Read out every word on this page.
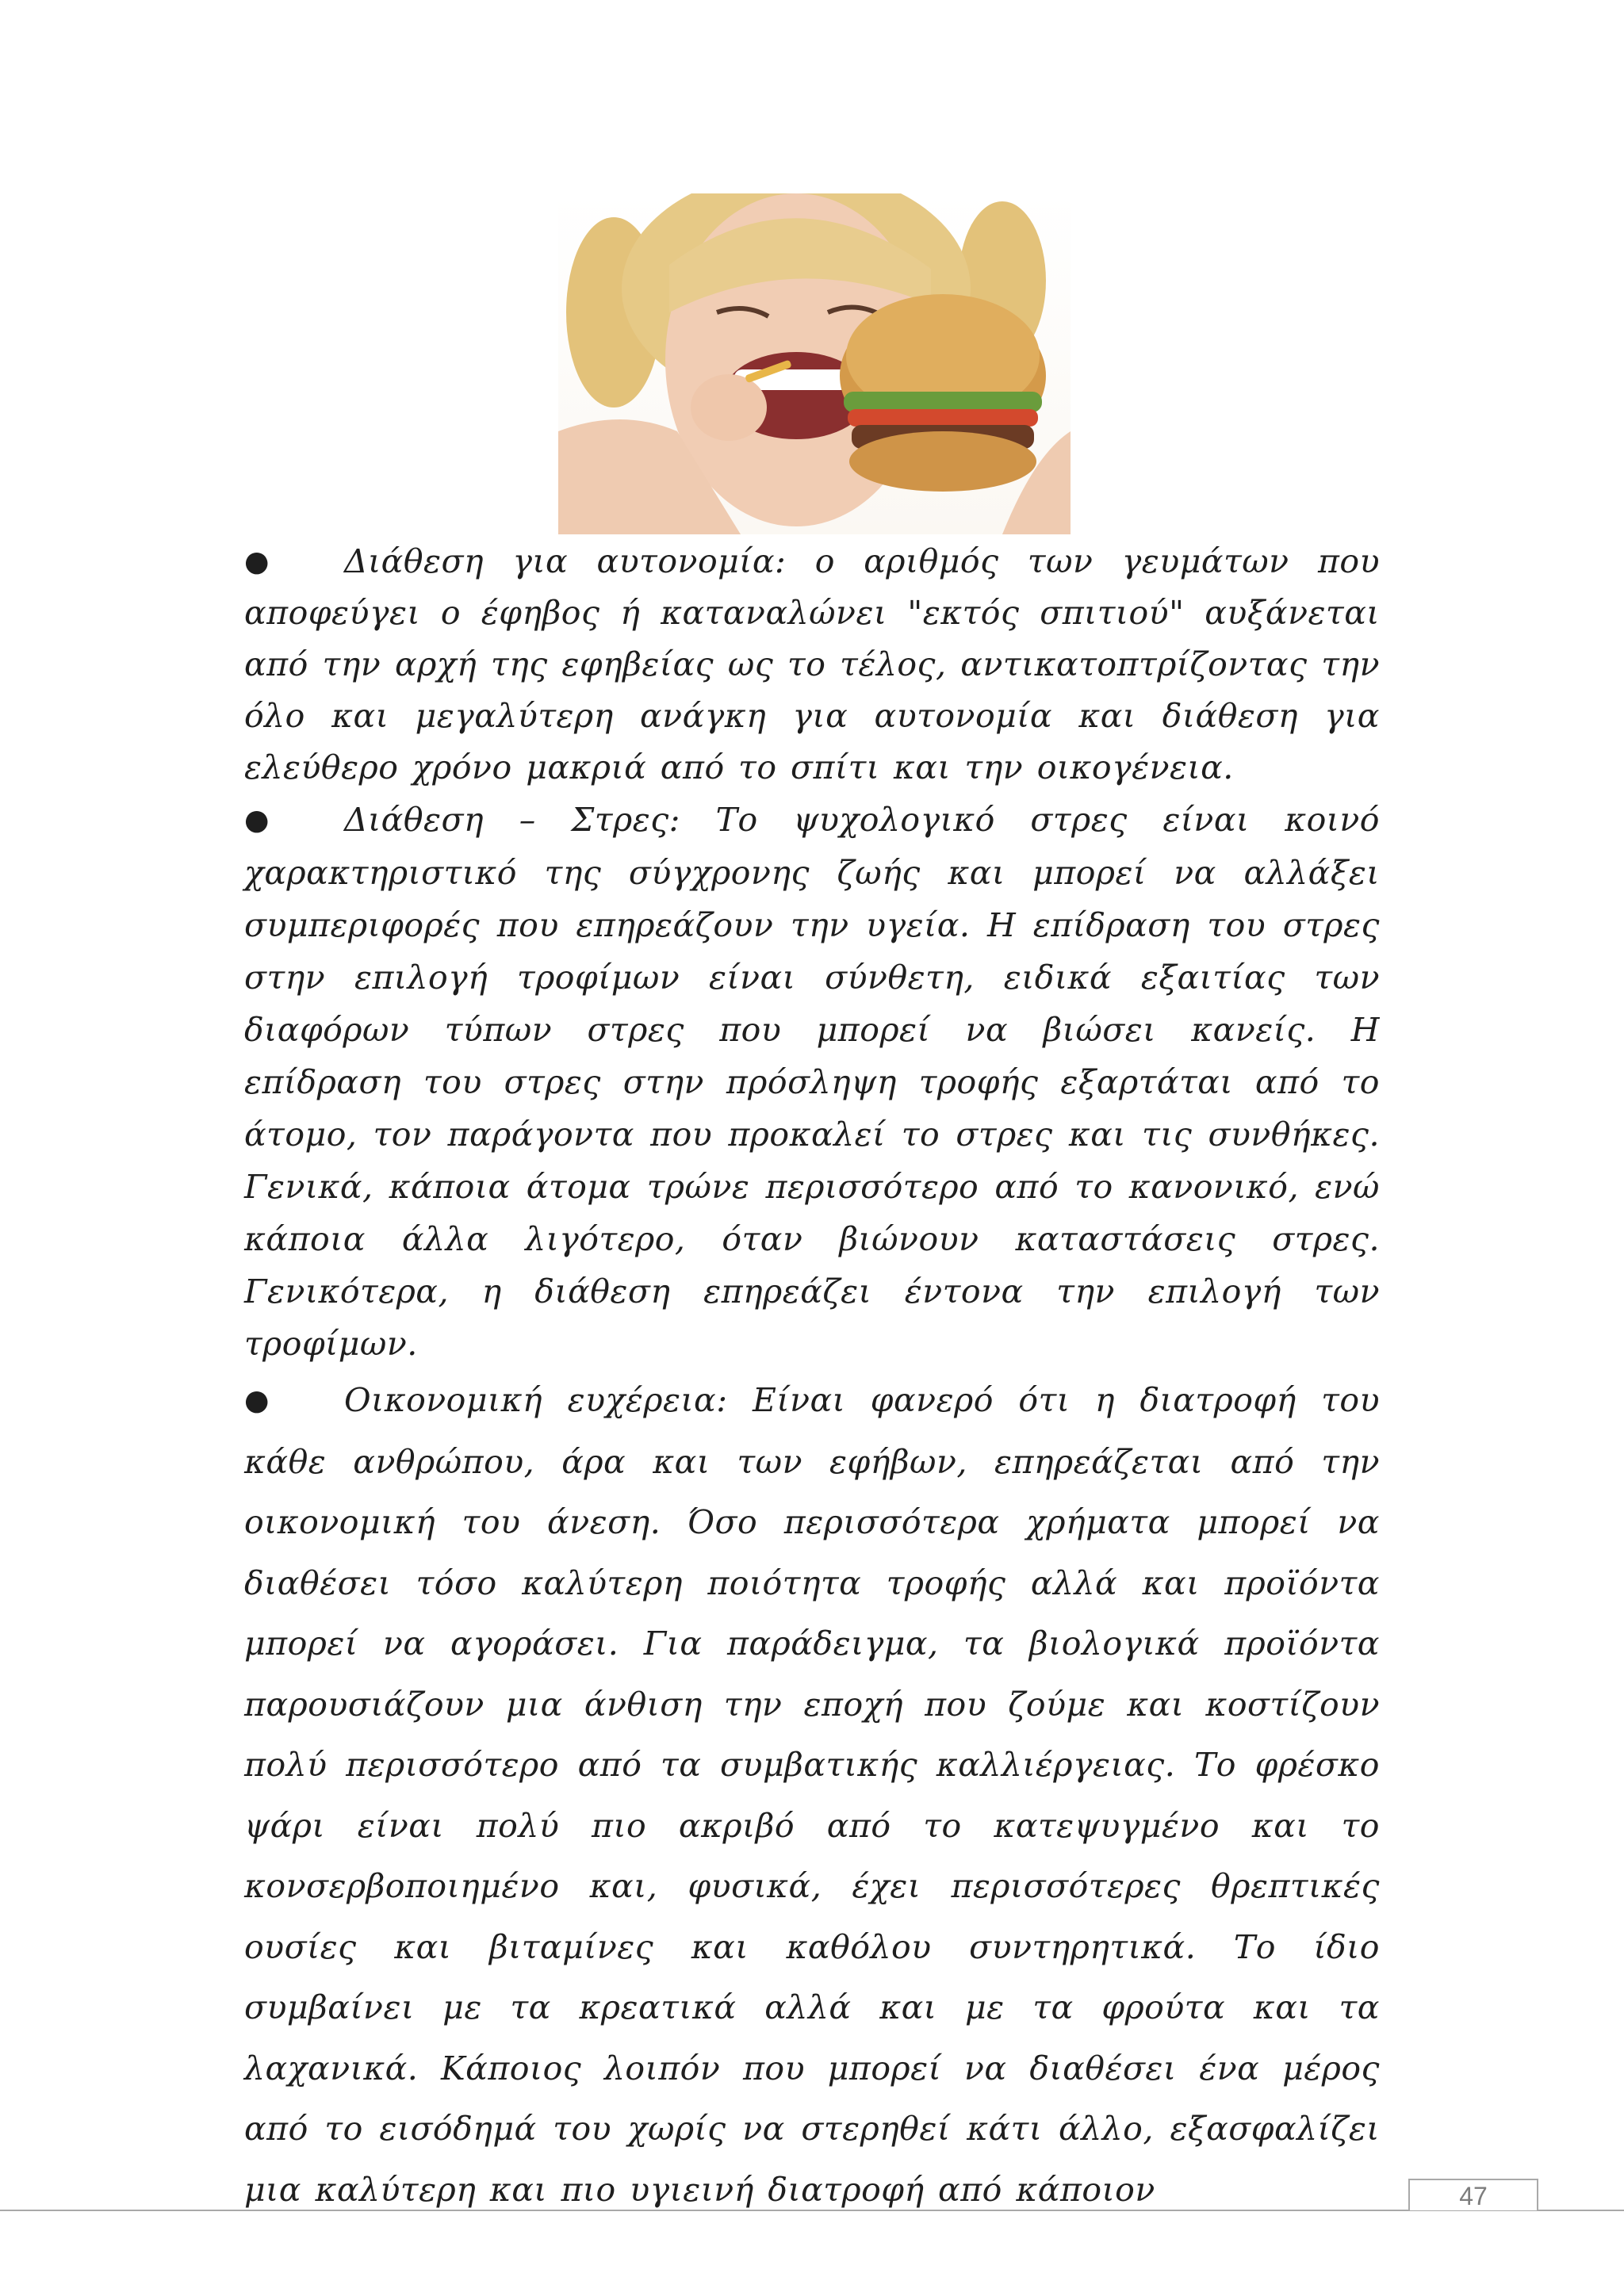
● Διάθεση για αυτονομία: ο αριθμός των γευμάτων που αποφεύγει ο έφηβος ή καταναλώνει "εκτός σπιτιού" αυξάνεται από την αρχή της εφηβείας ως το τέλος, αντικατοπτρίζοντας την όλο και μεγαλύτερη ανάγκη για αυτονομία και διάθεση για ελεύθερο χρόνο μακριά από το σπίτι και την οικογένεια.
● Διάθεση – Στρες: Το ψυχολογικό στρες είναι κοινό χαρακτηριστικό της σύγχρονης ζωής και μπορεί να αλλάξει συμπεριφορές που επηρεάζουν την υγεία. Η επίδραση του στρες στην επιλογή τροφίμων είναι σύνθετη, ειδικά εξαιτίας των διαφόρων τύπων στρες που μπορεί να βιώσει κανείς. Η επίδραση του στρες στην πρόσληψη τροφής εξαρτάται από το άτομο, τον παράγοντα που προκαλεί το στρες και τις συνθήκες. Γενικά, κάποια άτομα τρώνε περισσότερο από το κανονικό, ενώ κάποια άλλα λιγότερο, όταν βιώνουν καταστάσεις στρες. Γενικότερα, η διάθεση επηρεάζει έντονα την επιλογή των τροφίμων.
● Οικονομική ευχέρεια: Είναι φανερό ότι η διατροφή του κάθε ανθρώπου, άρα και των εφήβων, επηρεάζεται από την οικονομική του άνεση. Όσο περισσότερα χρήματα μπορεί να διαθέσει τόσο καλύτερη ποιότητα τροφής αλλά και προϊόντα μπορεί να αγοράσει. Για παράδειγμα, τα βιολογικά προϊόντα παρουσιάζουν μια άνθιση την εποχή που ζούμε και κοστίζουν πολύ περισσότερο από τα συμβατικής καλλιέργειας. Το φρέσκο ψάρι είναι πολύ πιο ακριβό από το κατεψυγμένο και το κονσερβοποιημένο και, φυσικά, έχει περισσότερες θρεπτικές ουσίες και βιταμίνες και καθόλου συντηρητικά. Το ίδιο συμβαίνει με τα κρεατικά αλλά και με τα φρούτα και τα λαχανικά. Κάποιος λοιπόν που μπορεί να διαθέσει ένα μέρος από το εισόδημά του χωρίς να στερηθεί κάτι άλλο, εξασφαλίζει μια καλύτερη και πιο υγιεινή διατροφή από κάποιον	47
